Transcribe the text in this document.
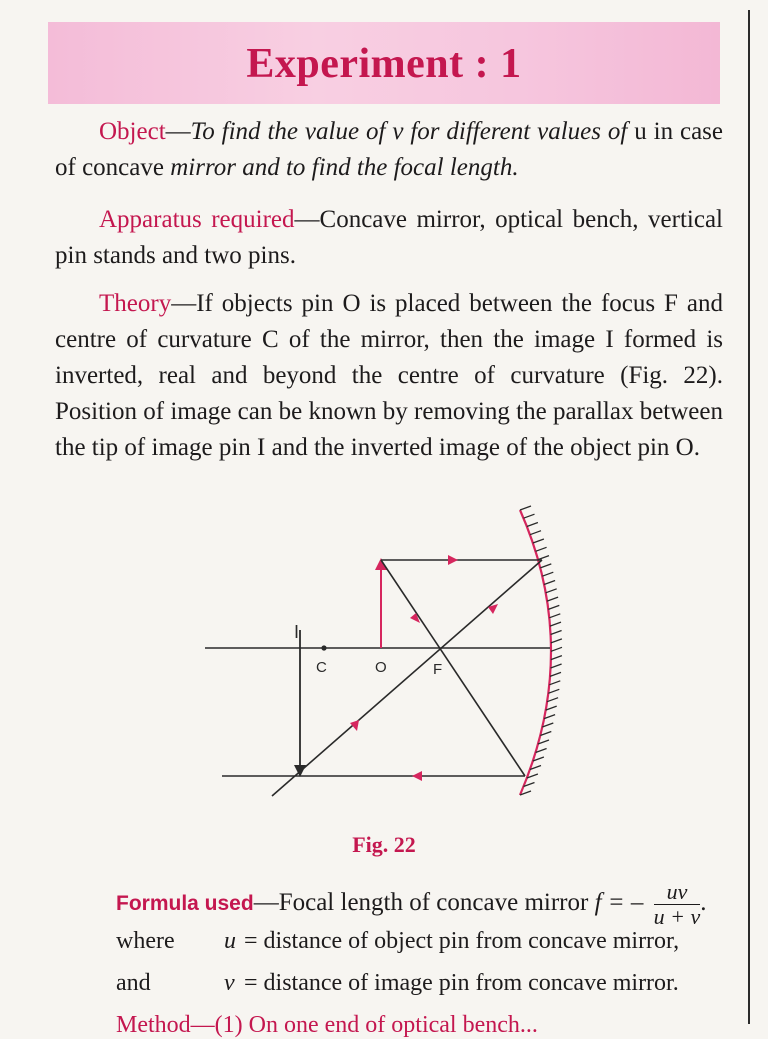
Experiment : 1
Object—To find the value of v for different values of u in case of concave mirror and to find the focal length.
Apparatus required—Concave mirror, optical bench, vertical pin stands and two pins.
Theory—If objects pin O is placed between the focus F and centre of curvature C of the mirror, then the image I formed is inverted, real and beyond the centre of curvature (Fig. 22). Position of image can be known by removing the parallax between the tip of image pin I and the inverted image of the object pin O.
I
C	O	F
Fig. 22
Formula used—Focal length of concave mirror f = – $\frac{uv}{u + v}$ .
where u = distance of object pin from concave mirror,
and	v = distance of image pin from concave mirror.
Method—(1) On one end of optical bench...
